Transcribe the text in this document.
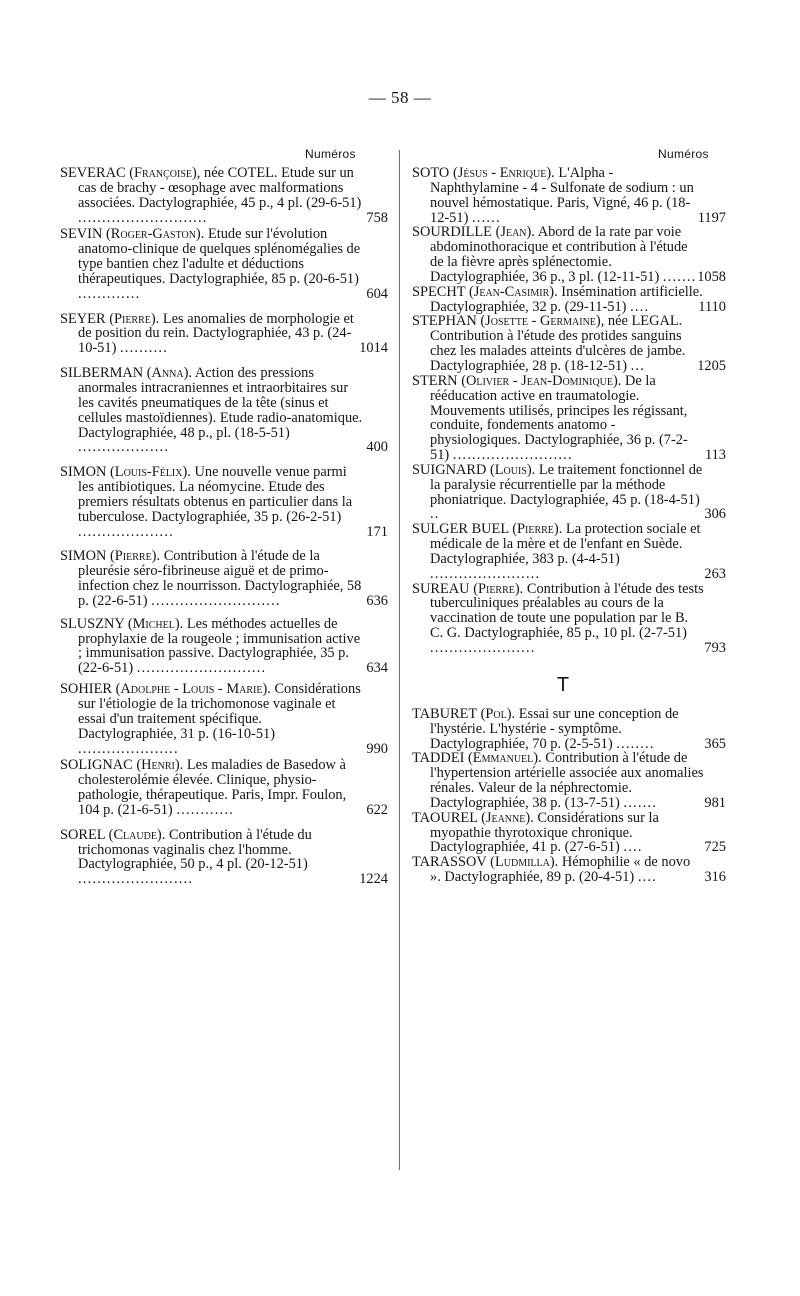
— 58 —
Numéros	Numéros
SEVERAC (Françoise), née COTEL. Etude sur un cas de brachy - œsophage avec malformations associées. Dactylographiée, 45 p., 4 pl. (29-6-51) ...........................	758
SEVIN (Roger-Gaston). Etude sur l'évolution anatomo-clinique de quelques splénomégalies de type bantien chez l'adulte et déductions thérapeutiques. Dactylographiée, 85 p. (20-6-51) .............	604
SEYER (Pierre). Les anomalies de morphologie et de position du rein. Dactylographiée, 43 p. (24-10-51) ..........	1014
SILBERMAN (Anna). Action des pressions anormales intracraniennes et intraorbitaires sur les cavités pneumatiques de la tête (sinus et cellules mastoïdiennes). Etude radio-anatomique. Dactylographiée, 48 p., pl. (18-5-51) ...................	400
SIMON (Louis-Félix). Une nouvelle venue parmi les antibiotiques. La néomycine. Etude des premiers résultats obtenus en particulier dans la tuberculose. Dactylographiée, 35 p. (26-2-51) ....................	171
SIMON (Pierre). Contribution à l'étude de la pleurésie séro-fibrineuse aiguë et de primo-infection chez le nourrisson. Dactylographiée, 58 p. (22-6-51) ...........................	636
SLUSZNY (Michel). Les méthodes actuelles de prophylaxie de la rougeole ; immunisation active ; immunisation passive. Dactylographiée, 35 p. (22-6-51) ...........................	634
SOHIER (Adolphe - Louis - Marie). Considérations sur l'étiologie de la trichomonose vaginale et essai d'un traitement spécifique. Dactylographiée, 31 p. (16-10-51) .....................	990
SOLIGNAC (Henri). Les maladies de Basedow à cholesterolémie élevée. Clinique, physio-pathologie, thérapeutique. Paris, Impr. Foulon, 104 p. (21-6-51) ............	622
SOREL (Claude). Contribution à l'étude du trichomonas vaginalis chez l'homme. Dactylographiée, 50 p., 4 pl. (20-12-51) ........................	1224
SOTO (Jésus - Enrique). L'Alpha - Naphthylamine - 4 - Sulfonate de sodium : un nouvel hémostatique. Paris, Vigné, 46 p. (18-12-51) ......	1197
SOURDILLE (Jean). Abord de la rate par voie abdominothoracique et contribution à l'étude de la fièvre après splénectomie. Dactylographiée, 36 p., 3 pl. (12-11-51) ....... 1058
SPECHT (Jean-Casimir). Insémination artificielle. Dactylographiée, 32 p. (29-11-51) ....	1110
STEPHAN (Josette - Germaine), née LEGAL. Contribution à l'étude des protides sanguins chez les malades atteints d'ulcères de jambe. Dactylographiée, 28 p. (18-12-51) ...	1205
STERN (Olivier - Jean-Dominique). De la rééducation active en traumatologie. Mouvements utilisés, principes les régissant, conduite, fondements anatomo - physiologiques. Dactylographiée, 36 p. (7-2-51) .........................	113
SUIGNARD (Louis). Le traitement fonctionnel de la paralysie récurrentielle par la méthode phoniatrique. Dactylographiée, 45 p. (18-4-51) ..	306
SULGER BUEL (Pierre). La protection sociale et médicale de la mère et de l'enfant en Suède. Dactylographiée, 383 p. (4-4-51) .......................	263
SUREAU (Pierre). Contribution à l'étude des tests tuberculiniques préalables au cours de la vaccination de toute une population par le B. C. G. Dactylographiée, 85 p., 10 pl. (2-7-51) ......................	793
T
TABURET (Pol). Essai sur une conception de l'hystérie. L'hystérie - symptôme. Dactylographiée, 70 p. (2-5-51) ........	365
TADDEI (Emmanuel). Contribution à l'étude de l'hypertension artérielle associée aux anomalies rénales. Valeur de la néphrectomie. Dactylographiée, 38 p. (13-7-51) .......	981
TAOUREL (Jeanne). Considérations sur la myopathie thyrotoxique chronique. Dactylographiée, 41 p. (27-6-51) ....	725
TARASSOV (Ludmilla). Hémophilie « de novo ». Dactylographiée, 89 p. (20-4-51) ....	316
